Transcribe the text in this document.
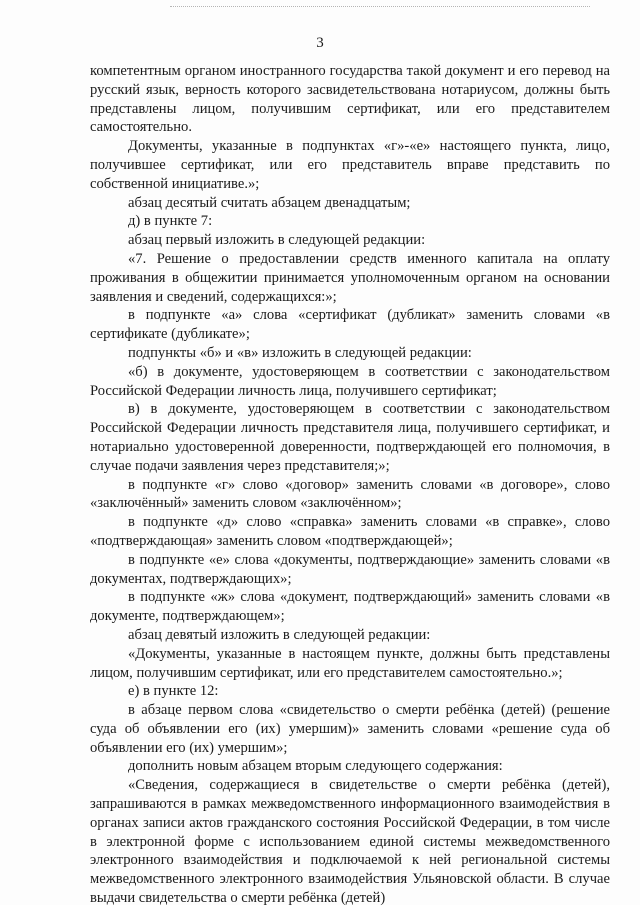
3

компетентным органом иностранного государства такой документ и его перевод на русский язык, верность которого засвидетельствована нотариусом, должны быть представлены лицом, получившим сертификат, или его представителем самостоятельно.

Документы, указанные в подпунктах «г»-«е» настоящего пункта, лицо, получившее сертификат, или его представитель вправе представить по собственной инициативе.»;

абзац десятый считать абзацем двенадцатым;

д) в пункте 7:

абзац первый изложить в следующей редакции:

«7. Решение о предоставлении средств именного капитала на оплату проживания в общежитии принимается уполномоченным органом на основании заявления и сведений, содержащихся:»;

в подпункте «а» слова «сертификат (дубликат» заменить словами «в сертификате (дубликате»;

подпункты «б» и «в» изложить в следующей редакции:

«б) в документе, удостоверяющем в соответствии с законодательством Российской Федерации личность лица, получившего сертификат;

в) в документе, удостоверяющем в соответствии с законодательством Российской Федерации личность представителя лица, получившего сертификат, и нотариально удостоверенной доверенности, подтверждающей его полномочия, в случае подачи заявления через представителя;»;

в подпункте «г» слово «договор» заменить словами «в договоре», слово «заключённый» заменить словом «заключённом»;

в подпункте «д» слово «справка» заменить словами «в справке», слово «подтверждающая» заменить словом «подтверждающей»;

в подпункте «е» слова «документы, подтверждающие» заменить словами «в документах, подтверждающих»;

в подпункте «ж» слова «документ, подтверждающий» заменить словами «в документе, подтверждающем»;

абзац девятый изложить в следующей редакции:

«Документы, указанные в настоящем пункте, должны быть представлены лицом, получившим сертификат, или его представителем самостоятельно.»;

е) в пункте 12:

в абзаце первом слова «свидетельство о смерти ребёнка (детей) (решение суда об объявлении его (их) умершим)» заменить словами «решение суда об объявлении его (их) умершим»;

дополнить новым абзацем вторым следующего содержания:

«Сведения, содержащиеся в свидетельстве о смерти ребёнка (детей), запрашиваются в рамках межведомственного информационного взаимодействия в органах записи актов гражданского состояния Российской Федерации, в том числе в электронной форме с использованием единой системы межведомственного электронного взаимодействия и подключаемой к ней региональной системы межведомственного электронного взаимодействия Ульяновской области. В случае выдачи свидетельства о смерти ребёнка (детей)
